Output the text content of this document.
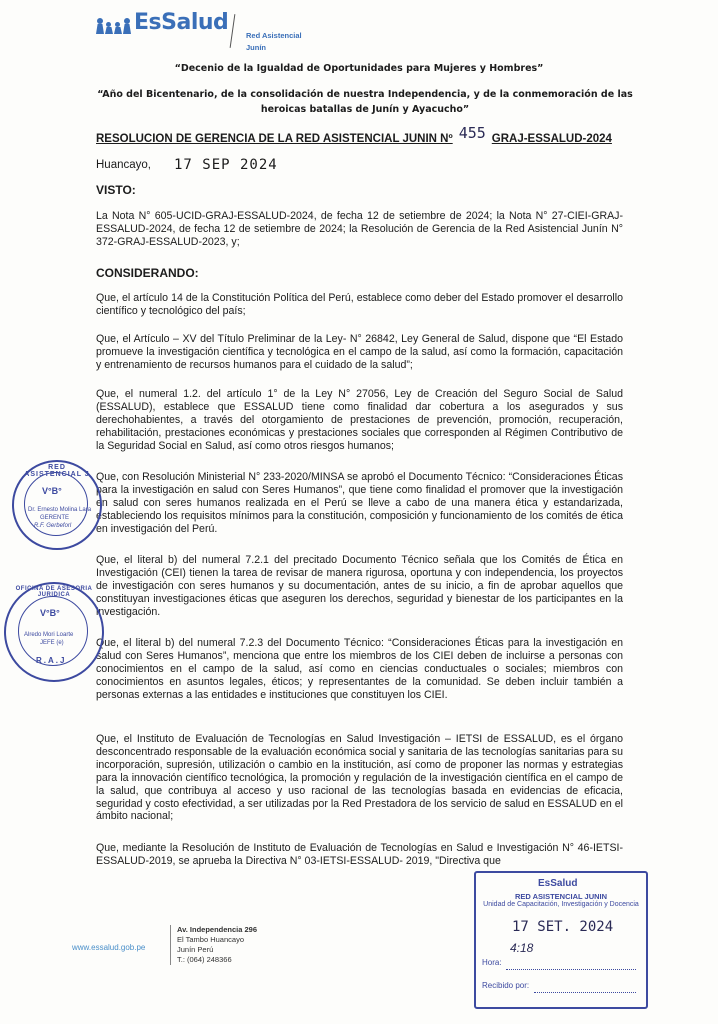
EsSalud
Red Asistencial
Junín
“Decenio de la Igualdad de Oportunidades para Mujeres y Hombres”
“Año del Bicentenario, de la consolidación de nuestra Independencia, y de la conmemoración de las heroicas batallas de Junín y Ayacucho”
RESOLUCION DE GERENCIA DE LA RED ASISTENCIAL JUNIN Nº 455 GRAJ-ESSALUD-2024
Huancayo, 17 SEP 2024
VISTO:
La Nota N° 605-UCID-GRAJ-ESSALUD-2024, de fecha 12 de setiembre de 2024; la Nota N° 27-CIEI-GRAJ-ESSALUD-2024, de fecha 12 de setiembre de 2024; la Resolución de Gerencia de la Red Asistencial Junín N° 372-GRAJ-ESSALUD-2023, y;
CONSIDERANDO:
Que, el artículo 14 de la Constitución Política del Perú, establece como deber del Estado promover el desarrollo científico y tecnológico del país;
Que, el Artículo – XV del Título Preliminar de la Ley- N° 26842, Ley General de Salud, dispone que “El Estado promueve la investigación científica y tecnológica en el campo de la salud, así como la formación, capacitación y entrenamiento de recursos humanos para el cuidado de la salud”;
Que, el numeral 1.2. del artículo 1° de la Ley N° 27056, Ley de Creación del Seguro Social de Salud (ESSALUD), establece que ESSALUD tiene como finalidad dar cobertura a los asegurados y sus derechohabientes, a través del otorgamiento de prestaciones de prevención, promoción, recuperación, rehabilitación, prestaciones económicas y prestaciones sociales que corresponden al Régimen Contributivo de la Seguridad Social en Salud, así como otros riesgos humanos;
Que, con Resolución Ministerial N° 233-2020/MINSA se aprobó el Documento Técnico: “Consideraciones Éticas para la investigación en salud con Seres Humanos”, que tiene como finalidad el promover que la investigación en salud con seres humanos realizada en el Perú se lleve a cabo de una manera ética y estandarizada, estableciendo los requisitos mínimos para la constitución, composición y funcionamiento de los comités de ética en investigación del Perú.
Que, el literal b) del numeral 7.2.1 del precitado Documento Técnico señala que los Comités de Ética en Investigación (CEI) tienen la tarea de revisar de manera rigurosa, oportuna y con independencia, los proyectos de investigación con seres humanos y su documentación, antes de su inicio, a fin de aprobar aquellos que constituyan investigaciones éticas que aseguren los derechos, seguridad y bienestar de los participantes en la investigación.
Que, el literal b) del numeral 7.2.3 del Documento Técnico: “Consideraciones Éticas para la investigación en salud con Seres Humanos”, menciona que entre los miembros de los CIEI deben de incluirse a personas con conocimientos en el campo de la salud, así como en ciencias conductuales o sociales; miembros con conocimientos en asuntos legales, éticos; y representantes de la comunidad. Se deben incluir también a personas externas a las entidades e instituciones que constituyen los CIEI.
Que, el Instituto de Evaluación de Tecnologías en Salud Investigación – IETSI de ESSALUD, es el órgano desconcentrado responsable de la evaluación económica social y sanitaria de las tecnologías sanitarias para su incorporación, supresión, utilización o cambio en la institución, así como de proponer las normas y estrategias para la innovación científico tecnológica, la promoción y regulación de la investigación científica en el campo de la salud, que contribuya al acceso y uso racional de las tecnologías basada en evidencias de eficacia, seguridad y costo efectividad, a ser utilizadas por la Red Prestadora de los servicio de salud en ESSALUD en el ámbito nacional;
Que, mediante la Resolución de Instituto de Evaluación de Tecnologías en Salud e Investigación N° 46-IETSI-ESSALUD-2019, se aprueba la Directiva N° 03-IETSI-ESSALUD- 2019, "Directiva que
RED ASISTENCIAL J
V°B°
Dr. Ernesto Molina Lara
GERENTE
R.F. Gerbeforl
OFICINA DE ASESORIA JURIDICA
V°B°
Alredo Mori Loarte
JEFE (e)
R.A.J
www.essalud.gob.pe
Av. Independencia 296
El Tambo Huancayo
Junín Perú
T.: (064) 248366
EsSalud
RED ASISTENCIAL JUNIN
Unidad de Capacitación, Investigación y Docencia
17 SET. 2024
4:18
Hora:
Recibido por:
